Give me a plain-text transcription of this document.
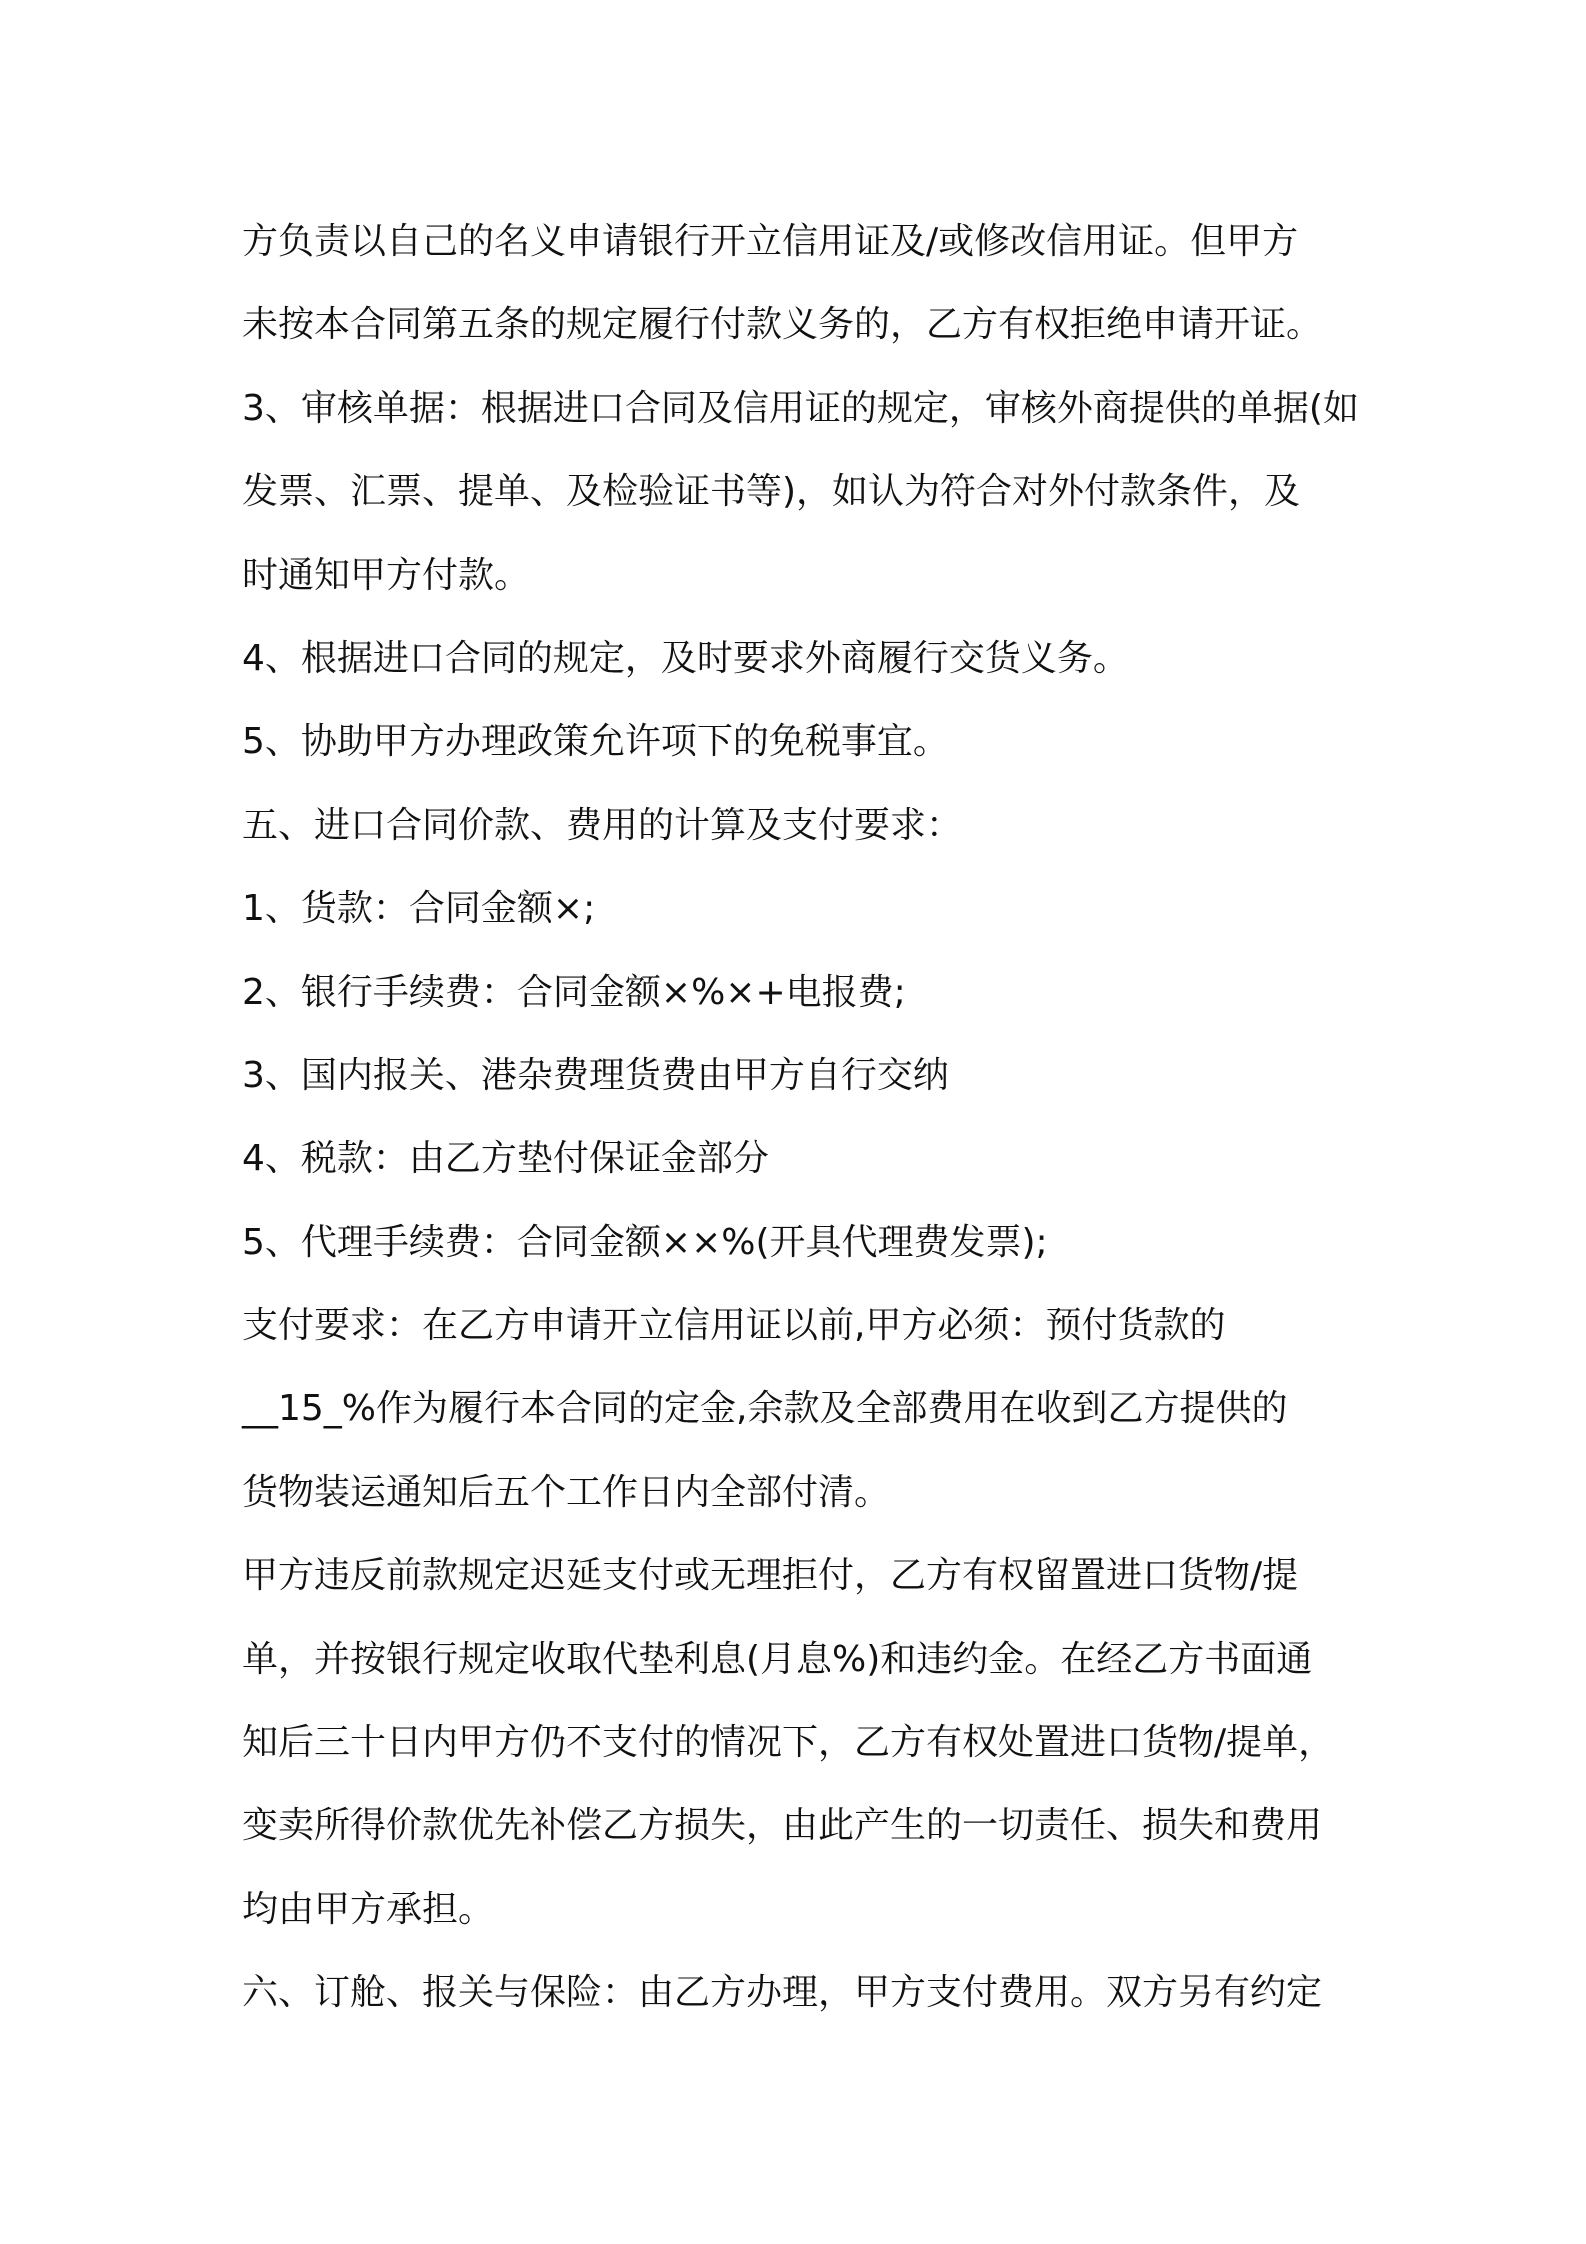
方负责以自己的名义申请银行开立信用证及/或修改信用证。但甲方
未按本合同第五条的规定履行付款义务的，乙方有权拒绝申请开证。
3、审核单据：根据进口合同及信用证的规定，审核外商提供的单据(如
发票、汇票、提单、及检验证书等)，如认为符合对外付款条件，及
时通知甲方付款。
4、根据进口合同的规定，及时要求外商履行交货义务。
5、协助甲方办理政策允许项下的免税事宜。
五、进口合同价款、费用的计算及支付要求：
1、货款：合同金额×;
2、银行手续费：合同金额×%×+电报费;
3、国内报关、港杂费理货费由甲方自行交纳
4、税款：由乙方垫付保证金部分
5、代理手续费：合同金额××%(开具代理费发票);
支付要求：在乙方申请开立信用证以前,甲方必须：预付货款的
__15_%作为履行本合同的定金,余款及全部费用在收到乙方提供的
货物装运通知后五个工作日内全部付清。
甲方违反前款规定迟延支付或无理拒付，乙方有权留置进口货物/提
单，并按银行规定收取代垫利息(月息%)和违约金。在经乙方书面通
知后三十日内甲方仍不支付的情况下，乙方有权处置进口货物/提单，
变卖所得价款优先补偿乙方损失，由此产生的一切责任、损失和费用
均由甲方承担。
六、订舱、报关与保险：由乙方办理，甲方支付费用。双方另有约定
